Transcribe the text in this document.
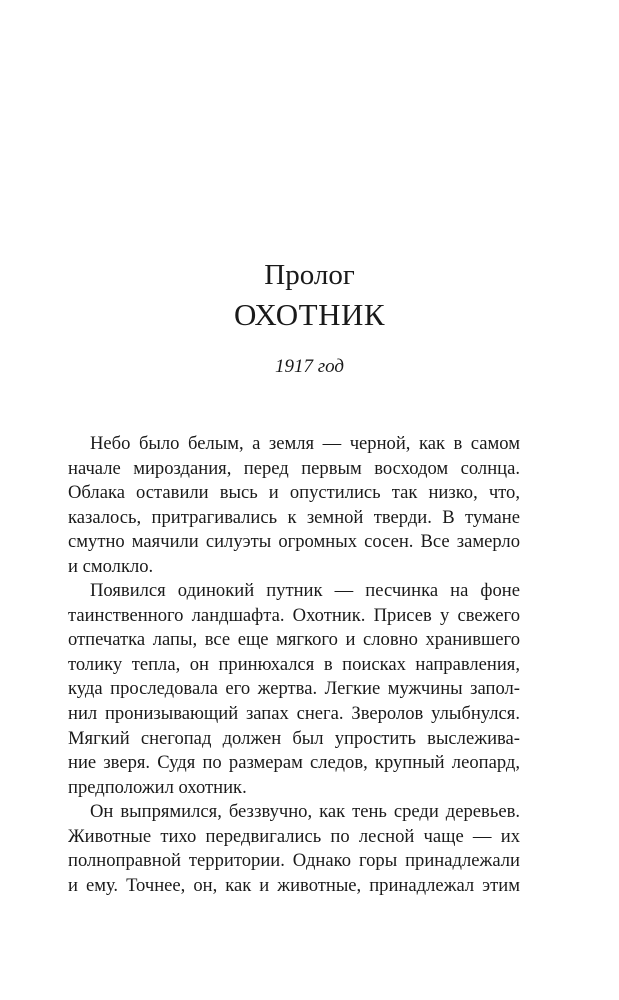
Пролог
ОХОТНИК

1917 год

Небо было белым, а земля — черной, как в самом
начале мироздания, перед первым восходом солнца.
Облака оставили высь и опустились так низко, что,
казалось, притрагивались к земной тверди. В тумане
смутно маячили силуэты огромных сосен. Все замерло
и смолкло.
Появился одинокий путник — песчинка на фоне
таинственного ландшафта. Охотник. Присев у свежего
отпечатка лапы, все еще мягкого и словно хранившего
толику тепла, он принюхался в поисках направления,
куда проследовала его жертва. Легкие мужчины запол-
нил пронизывающий запах снега. Зверолов улыбнулся.
Мягкий снегопад должен был упростить выслежива-
ние зверя. Судя по размерам следов, крупный леопард,
предположил охотник.
Он выпрямился, беззвучно, как тень среди деревьев.
Животные тихо передвигались по лесной чаще — их
полноправной территории. Однако горы принадлежали
и ему. Точнее, он, как и животные, принадлежал этим
